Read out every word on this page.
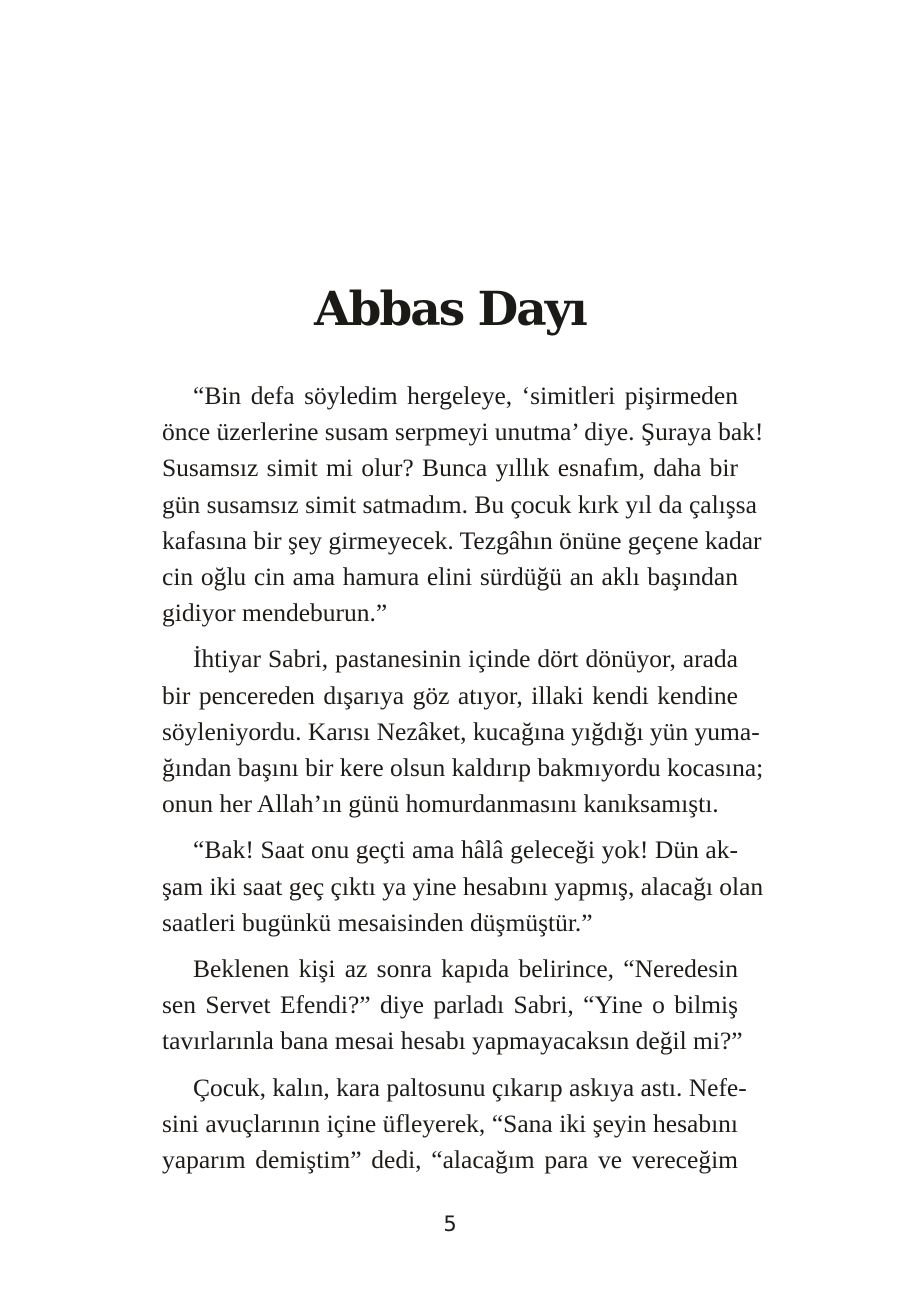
Abbas Dayı

“Bin defa söyledim hergeleye, ‘simitleri pişirmeden
önce üzerlerine susam serpmeyi unutma’ diye. Şuraya bak!
Susamsız simit mi olur? Bunca yıllık esnafım, daha bir
gün susamsız simit satmadım. Bu çocuk kırk yıl da çalışsa
kafasına bir şey girmeyecek. Tezgâhın önüne geçene kadar
cin oğlu cin ama hamura elini sürdüğü an aklı başından
gidiyor mendeburun.”

İhtiyar Sabri, pastanesinin içinde dört dönüyor, arada
bir pencereden dışarıya göz atıyor, illaki kendi kendine
söyleniyordu. Karısı Nezâket, kucağına yığdığı yün yuma-
ğından başını bir kere olsun kaldırıp bakmıyordu kocasına;
onun her Allah’ın günü homurdanmasını kanıksamıştı.

“Bak! Saat onu geçti ama hâlâ geleceği yok! Dün ak-
şam iki saat geç çıktı ya yine hesabını yapmış, alacağı olan
saatleri bugünkü mesaisinden düşmüştür.”

Beklenen kişi az sonra kapıda belirince, “Neredesin
sen Servet Efendi?” diye parladı Sabri, “Yine o bilmiş
tavırlarınla bana mesai hesabı yapmayacaksın değil mi?”

Çocuk, kalın, kara paltosunu çıkarıp askıya astı. Nefe-
sini avuçlarının içine üfleyerek, “Sana iki şeyin hesabını
yaparım demiştim” dedi, “alacağım para ve vereceğim

5
